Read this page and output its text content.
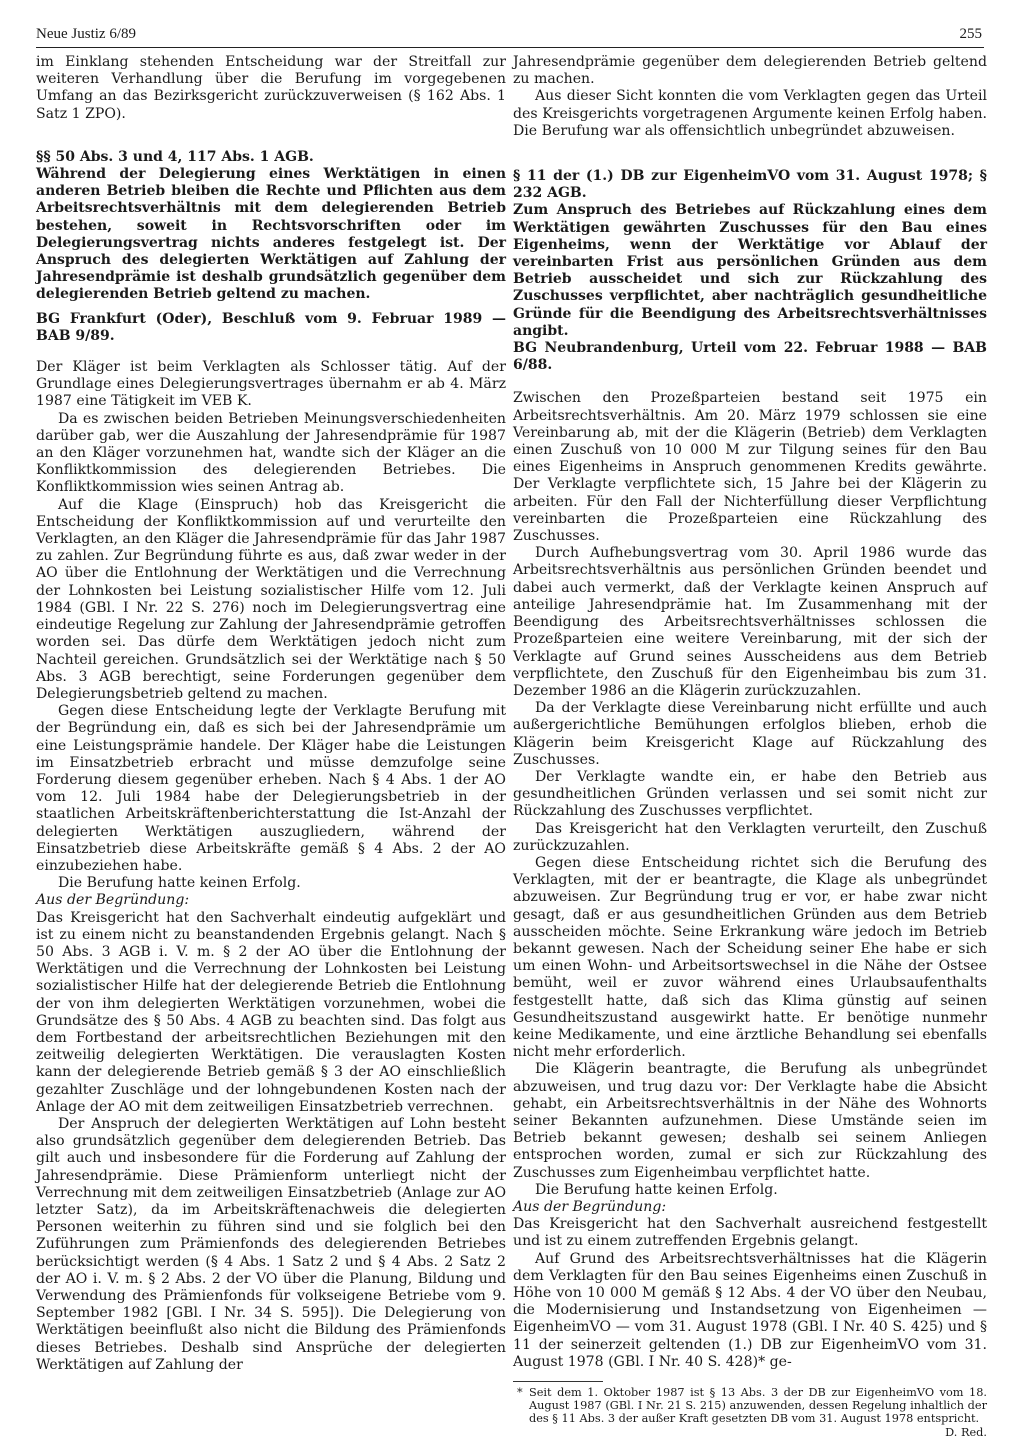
Neue Justiz 6/89	255

im Einklang stehenden Entscheidung war der Streitfall zur weiteren Verhandlung über die Berufung im vorgegebenen Umfang an das Bezirksgericht zurückzuverweisen (§ 162 Abs. 1 Satz 1 ZPO).

§§ 50 Abs. 3 und 4, 117 Abs. 1 AGB.

Während der Delegierung eines Werktätigen in einen anderen Betrieb bleiben die Rechte und Pflichten aus dem Arbeitsrechtsverhältnis mit dem delegierenden Betrieb bestehen, soweit in Rechtsvorschriften oder im Delegierungsvertrag nichts anderes festgelegt ist. Der Anspruch des delegierten Werktätigen auf Zahlung der Jahresendprämie ist deshalb grundsätzlich gegenüber dem delegierenden Betrieb geltend zu machen.

BG Frankfurt (Oder), Beschluß vom 9. Februar 1989 — BAB 9/89.

Der Kläger ist beim Verklagten als Schlosser tätig. Auf der Grundlage eines Delegierungsvertrages übernahm er ab 4. März 1987 eine Tätigkeit im VEB K.

Da es zwischen beiden Betrieben Meinungsverschiedenheiten darüber gab, wer die Auszahlung der Jahresendprämie für 1987 an den Kläger vorzunehmen hat, wandte sich der Kläger an die Konfliktkommission des delegierenden Betriebes. Die Konfliktkommission wies seinen Antrag ab.

Auf die Klage (Einspruch) hob das Kreisgericht die Entscheidung der Konfliktkommission auf und verurteilte den Verklagten, an den Kläger die Jahresendprämie für das Jahr 1987 zu zahlen. Zur Begründung führte es aus, daß zwar weder in der AO über die Entlohnung der Werktätigen und die Verrechnung der Lohnkosten bei Leistung sozialistischer Hilfe vom 12. Juli 1984 (GBl. I Nr. 22 S. 276) noch im Delegierungsvertrag eine eindeutige Regelung zur Zahlung der Jahresendprämie getroffen worden sei. Das dürfe dem Werktätigen jedoch nicht zum Nachteil gereichen. Grundsätzlich sei der Werktätige nach § 50 Abs. 3 AGB berechtigt, seine Forderungen gegenüber dem Delegierungsbetrieb geltend zu machen.

Gegen diese Entscheidung legte der Verklagte Berufung mit der Begründung ein, daß es sich bei der Jahresendprämie um eine Leistungsprämie handele. Der Kläger habe die Leistungen im Einsatzbetrieb erbracht und müsse demzufolge seine Forderung diesem gegenüber erheben. Nach § 4 Abs. 1 der AO vom 12. Juli 1984 habe der Delegierungsbetrieb in der staatlichen Arbeitskräftenberichterstattung die Ist-Anzahl der delegierten Werktätigen auszugliedern, während der Einsatzbetrieb diese Arbeitskräfte gemäß § 4 Abs. 2 der AO einzubeziehen habe.

Die Berufung hatte keinen Erfolg.

Aus der Begründung:

Das Kreisgericht hat den Sachverhalt eindeutig aufgeklärt und ist zu einem nicht zu beanstandenden Ergebnis gelangt. Nach § 50 Abs. 3 AGB i. V. m. § 2 der AO über die Entlohnung der Werktätigen und die Verrechnung der Lohnkosten bei Leistung sozialistischer Hilfe hat der delegierende Betrieb die Entlohnung der von ihm delegierten Werktätigen vorzunehmen, wobei die Grundsätze des § 50 Abs. 4 AGB zu beachten sind. Das folgt aus dem Fortbestand der arbeitsrechtlichen Beziehungen mit den zeitweilig delegierten Werktätigen. Die verauslagten Kosten kann der delegierende Betrieb gemäß § 3 der AO einschließlich gezahlter Zuschläge und der lohngebundenen Kosten nach der Anlage der AO mit dem zeitweiligen Einsatzbetrieb verrechnen.

Der Anspruch der delegierten Werktätigen auf Lohn besteht also grundsätzlich gegenüber dem delegierenden Betrieb. Das gilt auch und insbesondere für die Forderung auf Zahlung der Jahresendprämie. Diese Prämienform unterliegt nicht der Verrechnung mit dem zeitweiligen Einsatzbetrieb (Anlage zur AO letzter Satz), da im Arbeitskräftenachweis die delegierten Personen weiterhin zu führen sind und sie folglich bei den Zuführungen zum Prämienfonds des delegierenden Betriebes berücksichtigt werden (§ 4 Abs. 1 Satz 2 und § 4 Abs. 2 Satz 2 der AO i. V. m. § 2 Abs. 2 der VO über die Planung, Bildung und Verwendung des Prämienfonds für volkseigene Betriebe vom 9. September 1982 [GBl. I Nr. 34 S. 595]). Die Delegierung von Werktätigen beeinflußt also nicht die Bildung des Prämienfonds dieses Betriebes. Deshalb sind Ansprüche der delegierten Werktätigen auf Zahlung der

Jahresendprämie gegenüber dem delegierenden Betrieb geltend zu machen.

Aus dieser Sicht konnten die vom Verklagten gegen das Urteil des Kreisgerichts vorgetragenen Argumente keinen Erfolg haben. Die Berufung war als offensichtlich unbegründet abzuweisen.

§ 11 der (1.) DB zur EigenheimVO vom 31. August 1978; § 232 AGB.

Zum Anspruch des Betriebes auf Rückzahlung eines dem Werktätigen gewährten Zuschusses für den Bau eines Eigenheims, wenn der Werktätige vor Ablauf der vereinbarten Frist aus persönlichen Gründen aus dem Betrieb ausscheidet und sich zur Rückzahlung des Zuschusses verpflichtet, aber nachträglich gesundheitliche Gründe für die Beendigung des Arbeitsrechtsverhältnisses angibt.

BG Neubrandenburg, Urteil vom 22. Februar 1988 — BAB 6/88.

Zwischen den Prozeßparteien bestand seit 1975 ein Arbeitsrechtsverhältnis. Am 20. März 1979 schlossen sie eine Vereinbarung ab, mit der die Klägerin (Betrieb) dem Verklagten einen Zuschuß von 10 000 M zur Tilgung seines für den Bau eines Eigenheims in Anspruch genommenen Kredits gewährte. Der Verklagte verpflichtete sich, 15 Jahre bei der Klägerin zu arbeiten. Für den Fall der Nichterfüllung dieser Verpflichtung vereinbarten die Prozeßparteien eine Rückzahlung des Zuschusses.

Durch Aufhebungsvertrag vom 30. April 1986 wurde das Arbeitsrechtsverhältnis aus persönlichen Gründen beendet und dabei auch vermerkt, daß der Verklagte keinen Anspruch auf anteilige Jahresendprämie hat. Im Zusammenhang mit der Beendigung des Arbeitsrechtsverhältnisses schlossen die Prozeßparteien eine weitere Vereinbarung, mit der sich der Verklagte auf Grund seines Ausscheidens aus dem Betrieb verpflichtete, den Zuschuß für den Eigenheimbau bis zum 31. Dezember 1986 an die Klägerin zurückzuzahlen.

Da der Verklagte diese Vereinbarung nicht erfüllte und auch außergerichtliche Bemühungen erfolglos blieben, erhob die Klägerin beim Kreisgericht Klage auf Rückzahlung des Zuschusses.

Der Verklagte wandte ein, er habe den Betrieb aus gesundheitlichen Gründen verlassen und sei somit nicht zur Rückzahlung des Zuschusses verpflichtet.

Das Kreisgericht hat den Verklagten verurteilt, den Zuschuß zurückzuzahlen.

Gegen diese Entscheidung richtet sich die Berufung des Verklagten, mit der er beantragte, die Klage als unbegründet abzuweisen. Zur Begründung trug er vor, er habe zwar nicht gesagt, daß er aus gesundheitlichen Gründen aus dem Betrieb ausscheiden möchte. Seine Erkrankung wäre jedoch im Betrieb bekannt gewesen. Nach der Scheidung seiner Ehe habe er sich um einen Wohn- und Arbeitsortswechsel in die Nähe der Ostsee bemüht, weil er zuvor während eines Urlaubsaufenthalts festgestellt hatte, daß sich das Klima günstig auf seinen Gesundheitszustand ausgewirkt hatte. Er benötige nunmehr keine Medikamente, und eine ärztliche Behandlung sei ebenfalls nicht mehr erforderlich.

Die Klägerin beantragte, die Berufung als unbegründet abzuweisen, und trug dazu vor: Der Verklagte habe die Absicht gehabt, ein Arbeitsrechtsverhältnis in der Nähe des Wohnorts seiner Bekannten aufzunehmen. Diese Umstände seien im Betrieb bekannt gewesen; deshalb sei seinem Anliegen entsprochen worden, zumal er sich zur Rückzahlung des Zuschusses zum Eigenheimbau verpflichtet hatte.

Die Berufung hatte keinen Erfolg.

Aus der Begründung:

Das Kreisgericht hat den Sachverhalt ausreichend festgestellt und ist zu einem zutreffenden Ergebnis gelangt.

Auf Grund des Arbeitsrechtsverhältnisses hat die Klägerin dem Verklagten für den Bau seines Eigenheims einen Zuschuß in Höhe von 10 000 M gemäß § 12 Abs. 4 der VO über den Neubau, die Modernisierung und Instandsetzung von Eigenheimen — EigenheimVO — vom 31. August 1978 (GBl. I Nr. 40 S. 425) und § 11 der seinerzeit geltenden (1.) DB zur EigenheimVO vom 31. August 1978 (GBl. I Nr. 40 S. 428)* ge-

* Seit dem 1. Oktober 1987 ist § 13 Abs. 3 der DB zur EigenheimVO vom 18. August 1987 (GBl. I Nr. 21 S. 215) anzuwenden, dessen Regelung inhaltlich der des § 11 Abs. 3 der außer Kraft gesetzten DB vom 31. August 1978 entspricht.
D. Red.
